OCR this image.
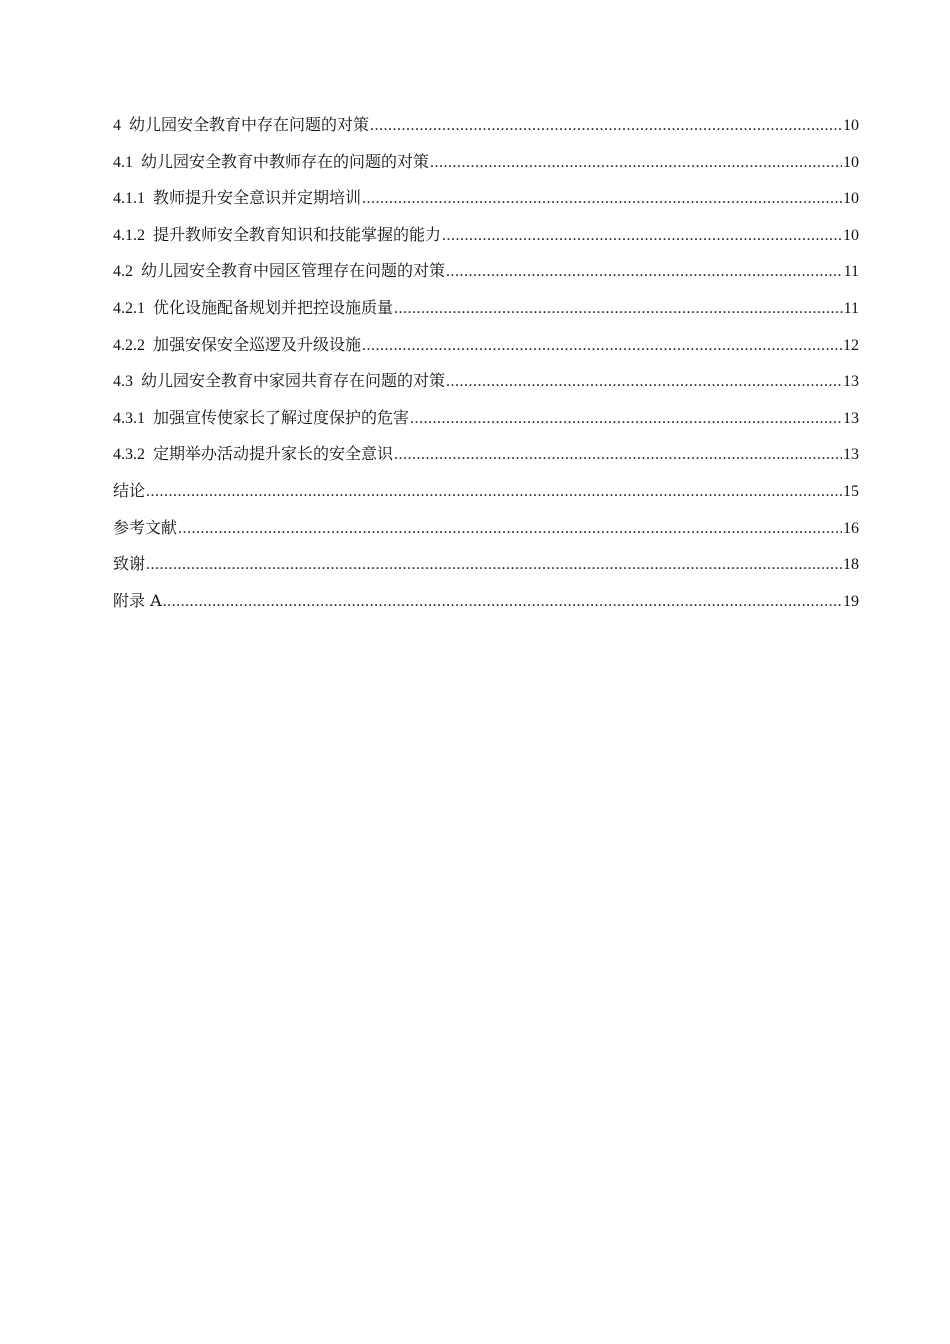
4 幼儿园安全教育中存在问题的对策 .....	10
4.1 幼儿园安全教育中教师存在的问题的对策 .....	10
4.1.1 教师提升安全意识并定期培训 .....	10
4.1.2 提升教师安全教育知识和技能掌握的能力 .....	10
4.2 幼儿园安全教育中园区管理存在问题的对策 .....	11
4.2.1 优化设施配备规划并把控设施质量 .....	11
4.2.2 加强安保安全巡逻及升级设施 .....	12
4.3 幼儿园安全教育中家园共育存在问题的对策 .....	13
4.3.1 加强宣传使家长了解过度保护的危害 .....	13
4.3.2 定期举办活动提升家长的安全意识 .....	13
结论 .....	15
参考文献 .....	16
致谢 .....	18
附录 A .....	19
